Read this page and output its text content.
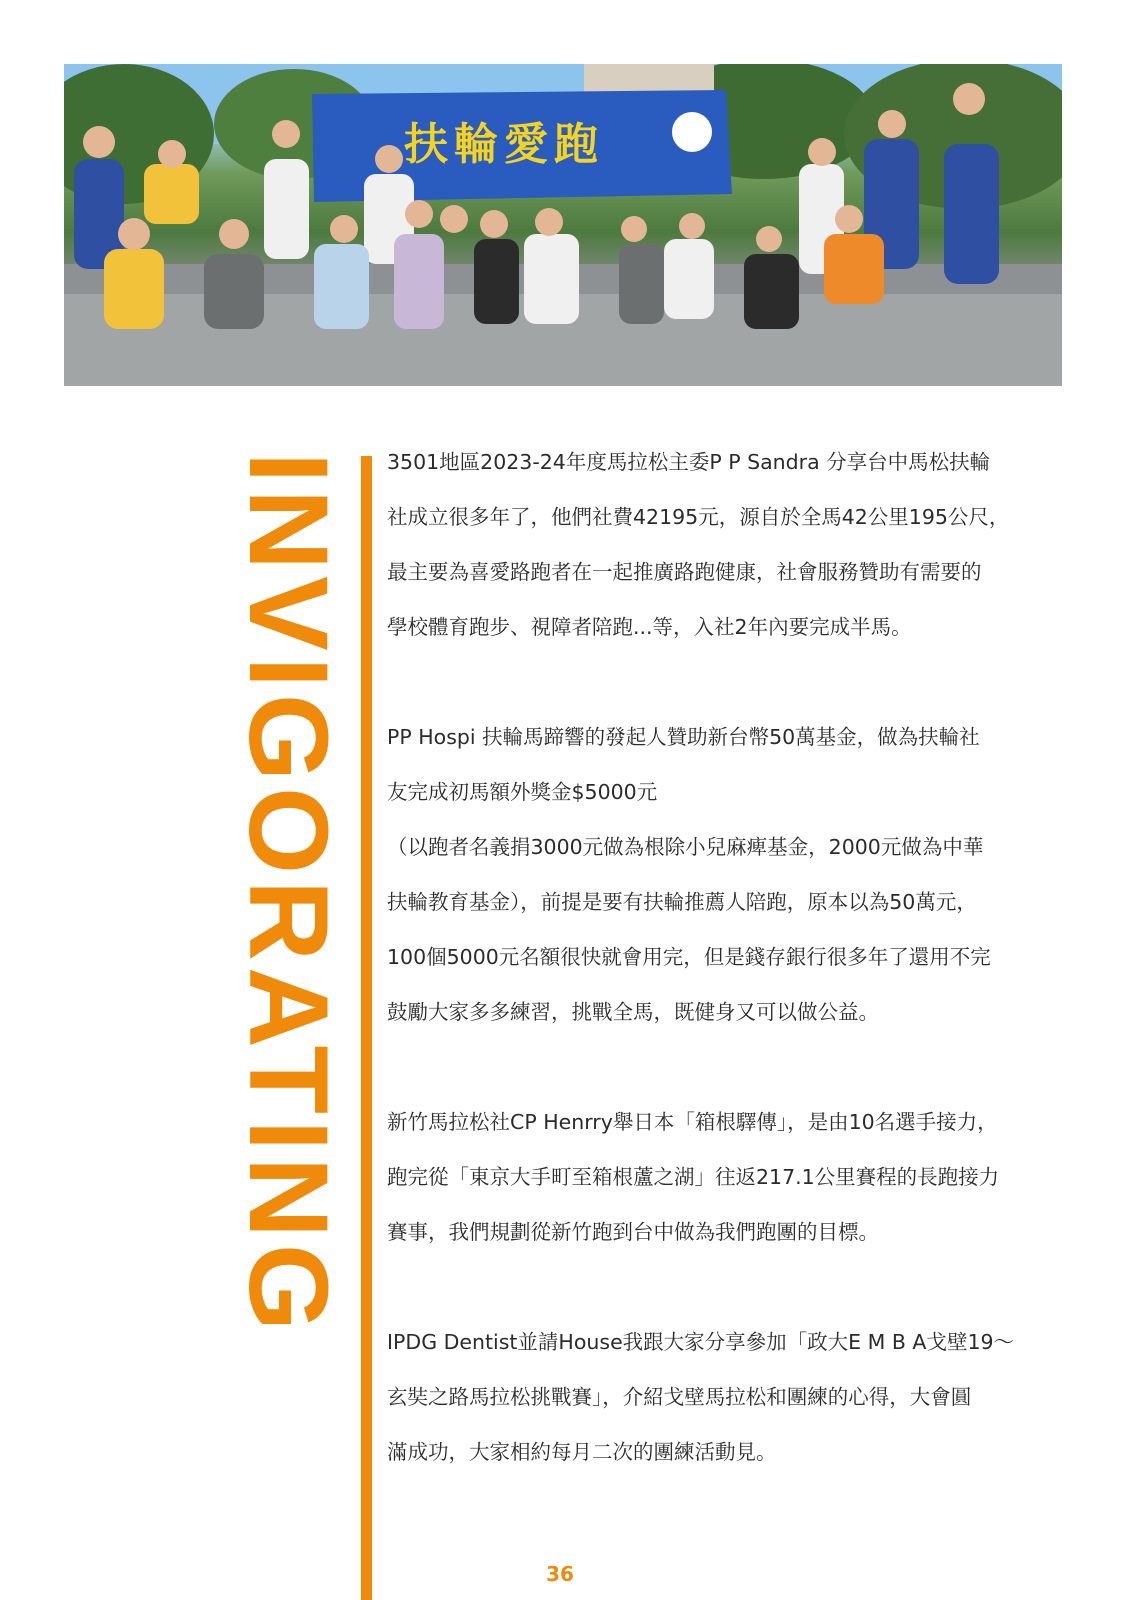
扶輪愛跑
INVIGORATING 3501地區2023-24年度馬拉松主委P P Sandra 分享台中馬松扶輪

社成立很多年了，他們社費42195元，源自於全馬42公里195公尺，

最主要為喜愛路跑者在一起推廣路跑健康，社會服務贊助有需要的

學校體育跑步、視障者陪跑...等，入社2年內要完成半馬。

PP Hospi 扶輪馬蹄響的發起人贊助新台幣50萬基金，做為扶輪社

友完成初馬額外獎金$5000元

（以跑者名義捐3000元做為根除小兒麻痺基金，2000元做為中華

扶輪教育基金），前提是要有扶輪推薦人陪跑，原本以為50萬元，

100個5000元名額很快就會用完，但是錢存銀行很多年了還用不完

鼓勵大家多多練習，挑戰全馬，既健身又可以做公益。

新竹馬拉松社CP Henrry舉日本「箱根驛傳」，是由10名選手接力，

跑完從「東京大手町至箱根蘆之湖」往返217.1公里賽程的長跑接力

賽事，我們規劃從新竹跑到台中做為我們跑團的目標。

IPDG Dentist並請House我跟大家分享參加「政大E M B A戈壁19～

玄奘之路馬拉松挑戰賽」，介紹戈壁馬拉松和團練的心得，大會圓

滿成功，大家相約每月二次的團練活動見。

36
